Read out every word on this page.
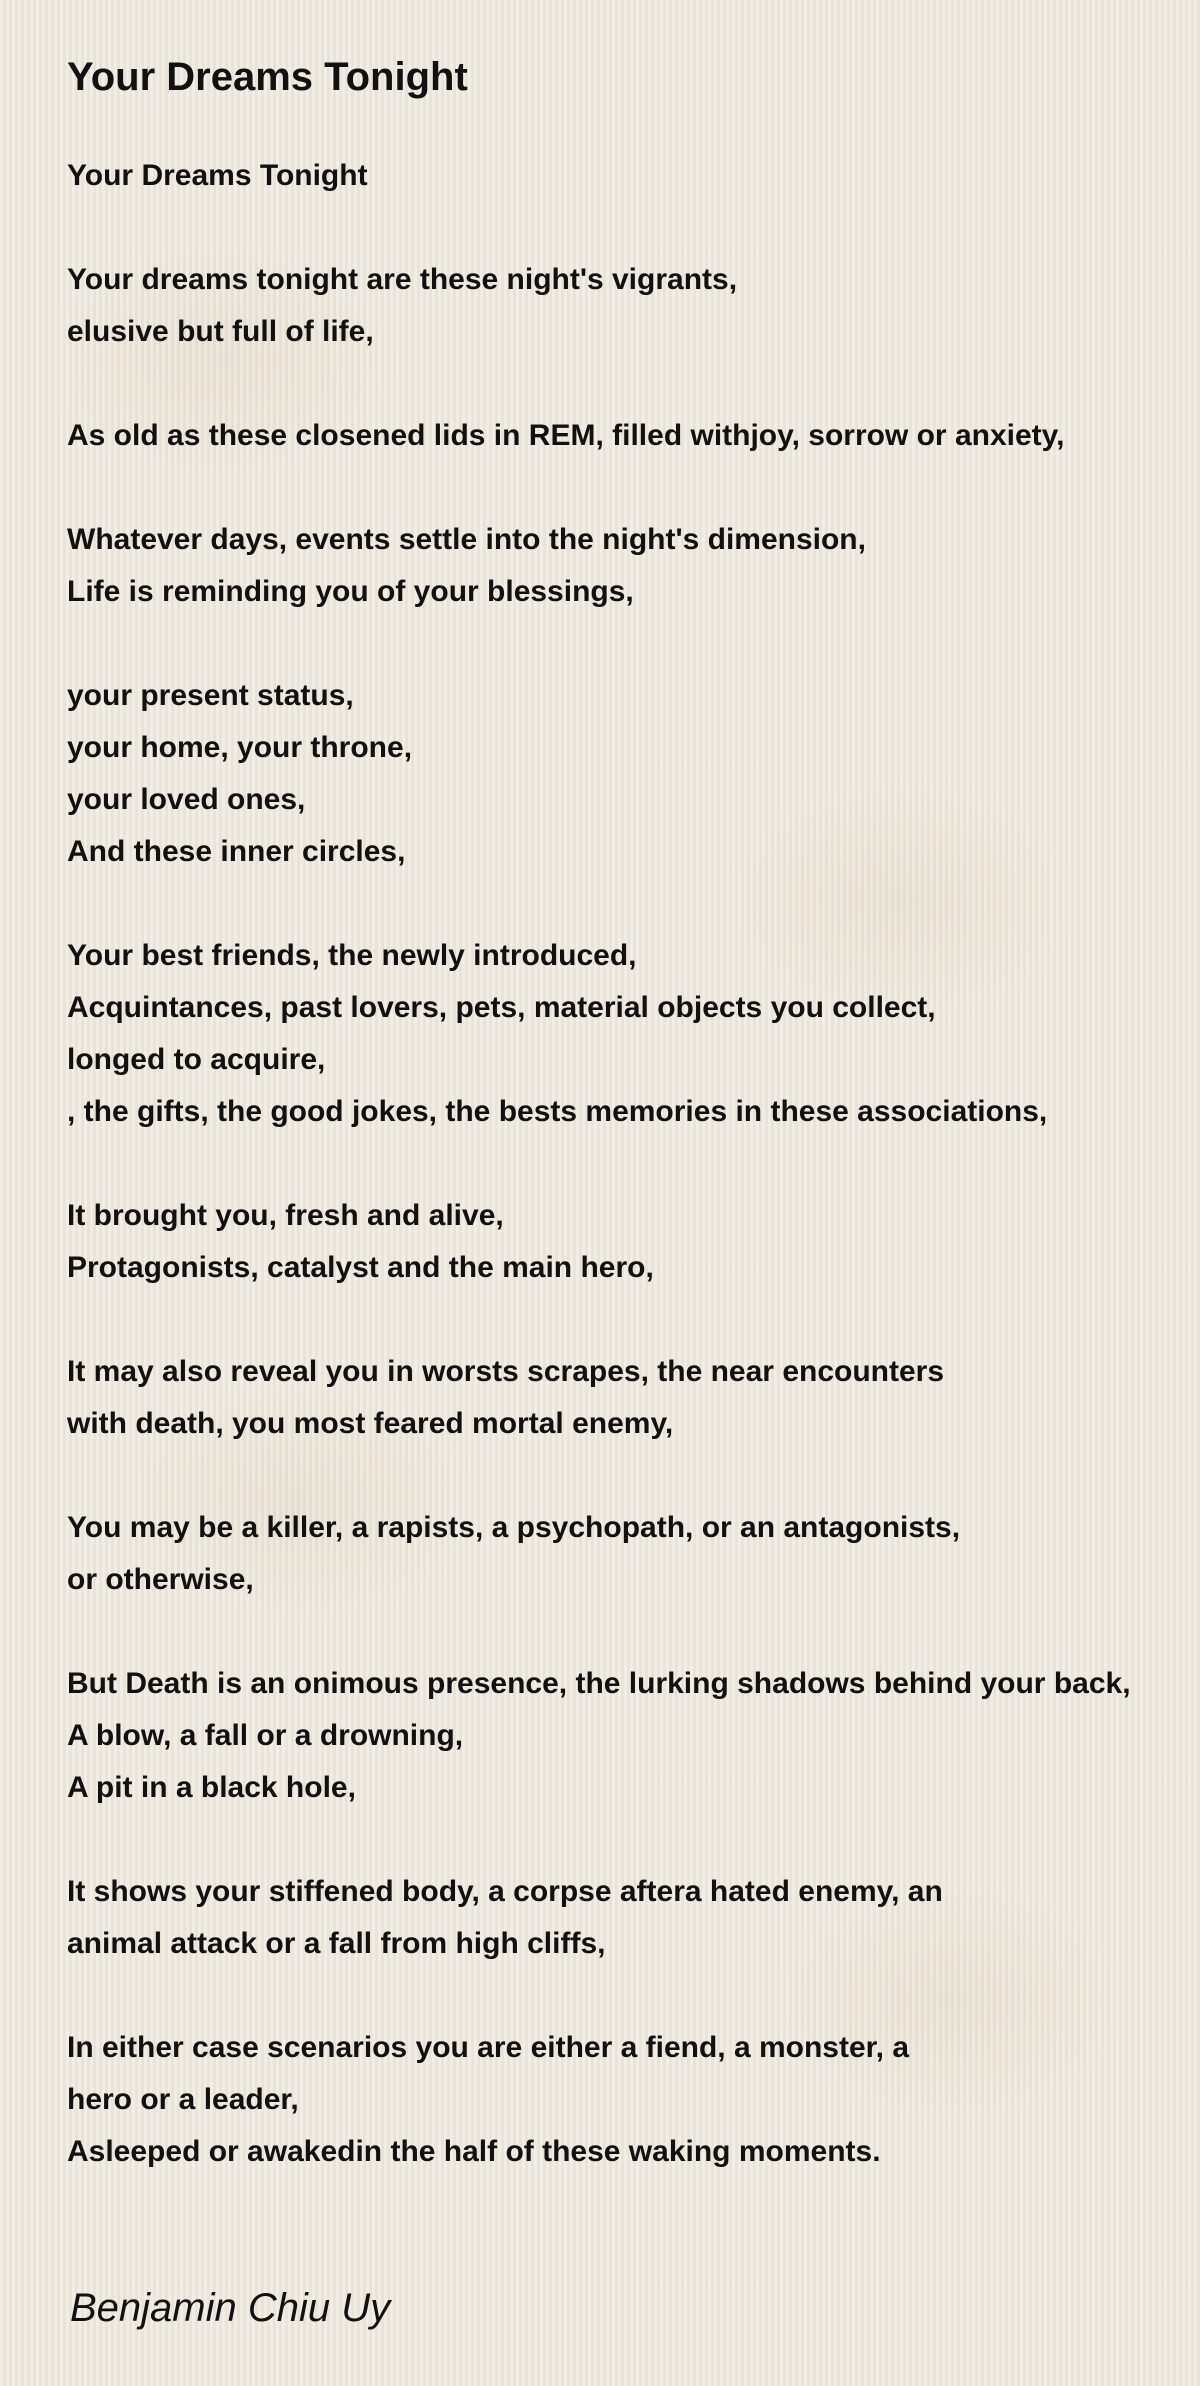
Your Dreams Tonight
Your Dreams Tonight
Your dreams tonight are these night's vigrants,
elusive but full of life,
As old as these closened lids in REM, filled withjoy, sorrow or anxiety,
Whatever days, events settle into the night's dimension,
Life is reminding you of your blessings,
your present status,
your home, your throne,
your loved ones,
And these inner circles,
Your best friends, the newly introduced,
Acquintances, past lovers, pets, material objects you collect,
longed to acquire,
, the gifts, the good jokes, the bests memories in these associations,
It brought you, fresh and alive,
Protagonists, catalyst and the main hero,
It may also reveal you in worsts scrapes, the near encounters
with death, you most feared mortal enemy,
You may be a killer, a rapists, a psychopath, or an antagonists,
or otherwise,
But Death is an onimous presence, the lurking shadows behind your back,
A blow, a fall or a drowning,
A pit in a black hole,
It shows your stiffened body, a corpse aftera hated enemy, an
animal attack or a fall from high cliffs,
In either case scenarios you are either a fiend, a monster, a
hero or a leader,
Asleeped or awakedin the half of these waking moments.
Benjamin Chiu Uy
